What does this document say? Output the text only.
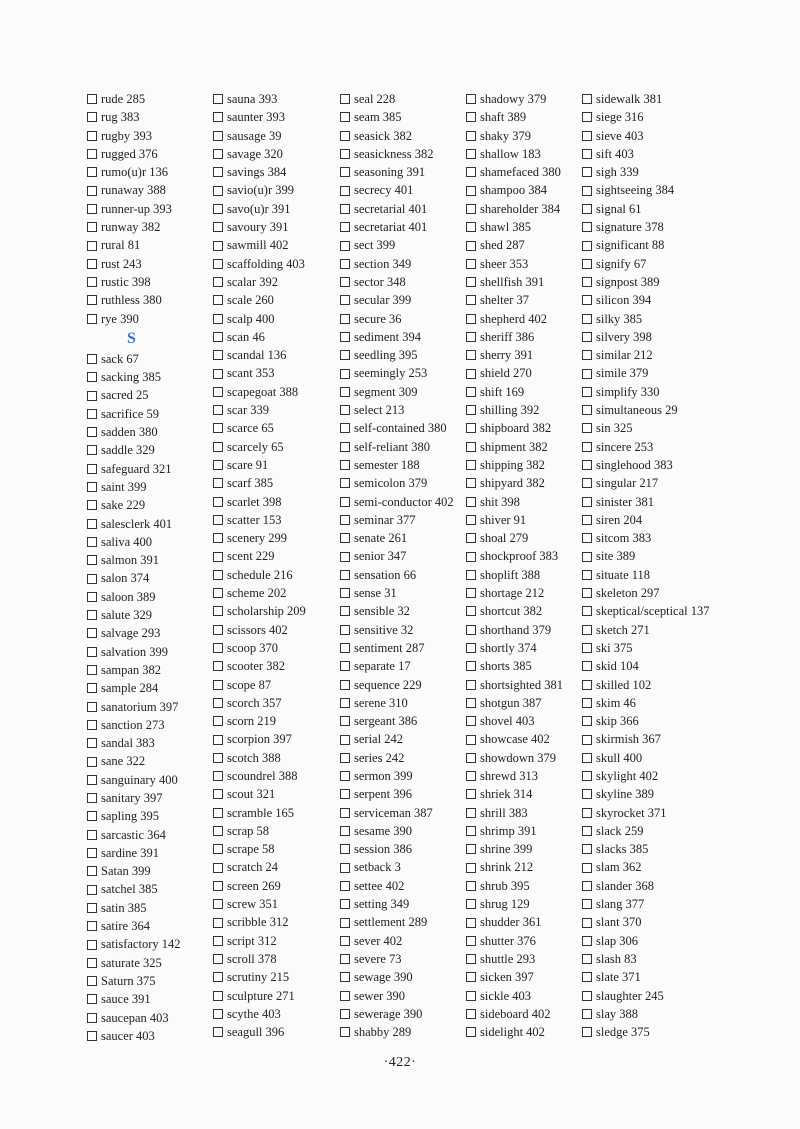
rude 285
rug 383
rugby 393
rugged 376
rumo(u)r 136
runaway 388
runner-up 393
runway 382
rural 81
rust 243
rustic 398
ruthless 380
rye 390
S
sack 67
sacking 385
sacred 25
sacrifice 59
sadden 380
saddle 329
safeguard 321
saint 399
sake 229
salesclerk 401
saliva 400
salmon 391
salon 374
saloon 389
salute 329
salvage 293
salvation 399
sampan 382
sample 284
sanatorium 397
sanction 273
sandal 383
sane 322
sanguinary 400
sanitary 397
sapling 395
sarcastic 364
sardine 391
Satan 399
satchel 385
satin 385
satire 364
satisfactory 142
saturate 325
Saturn 375
sauce 391
saucepan 403
saucer 403
sauna 393
saunter 393
sausage 39
savage 320
savings 384
savio(u)r 399
savo(u)r 391
savoury 391
sawmill 402
scaffolding 403
scalar 392
scale 260
scalp 400
scan 46
scandal 136
scant 353
scapegoat 388
scar 339
scarce 65
scarcely 65
scare 91
scarf 385
scarlet 398
scatter 153
scenery 299
scent 229
schedule 216
scheme 202
scholarship 209
scissors 402
scoop 370
scooter 382
scope 87
scorch 357
scorn 219
scorpion 397
scotch 388
scoundrel 388
scout 321
scramble 165
scrap 58
scrape 58
scratch 24
screen 269
screw 351
scribble 312
script 312
scroll 378
scrutiny 215
sculpture 271
scythe 403
seagull 396
seal 228
seam 385
seasick 382
seasickness 382
seasoning 391
secrecy 401
secretarial 401
secretariat 401
sect 399
section 349
sector 348
secular 399
secure 36
sediment 394
seedling 395
seemingly 253
segment 309
select 213
self-contained 380
self-reliant 380
semester 188
semicolon 379
semi-conductor 402
seminar 377
senate 261
senior 347
sensation 66
sense 31
sensible 32
sensitive 32
sentiment 287
separate 17
sequence 229
serene 310
sergeant 386
serial 242
series 242
sermon 399
serpent 396
serviceman 387
sesame 390
session 386
setback 3
settee 402
setting 349
settlement 289
sever 402
severe 73
sewage 390
sewer 390
sewerage 390
shabby 289
shadowy 379
shaft 389
shaky 379
shallow 183
shamefaced 380
shampoo 384
shareholder 384
shawl 385
shed 287
sheer 353
shellfish 391
shelter 37
shepherd 402
sheriff 386
sherry 391
shield 270
shift 169
shilling 392
shipboard 382
shipment 382
shipping 382
shipyard 382
shit 398
shiver 91
shoal 279
shockproof 383
shoplift 388
shortage 212
shortcut 382
shorthand 379
shortly 374
shorts 385
shortsighted 381
shotgun 387
shovel 403
showcase 402
showdown 379
shrewd 313
shriek 314
shrill 383
shrimp 391
shrine 399
shrink 212
shrub 395
shrug 129
shudder 361
shutter 376
shuttle 293
sicken 397
sickle 403
sideboard 402
sidelight 402
sidewalk 381
siege 316
sieve 403
sift 403
sigh 339
sightseeing 384
signal 61
signature 378
significant 88
signify 67
signpost 389
silicon 394
silky 385
silvery 398
similar 212
simile 379
simplify 330
simultaneous 29
sin 325
sincere 253
singlehood 383
singular 217
sinister 381
siren 204
sitcom 383
site 389
situate 118
skeleton 297
skeptical/sceptical 137
sketch 271
ski 375
skid 104
skilled 102
skim 46
skip 366
skirmish 367
skull 400
skylight 402
skyline 389
skyrocket 371
slack 259
slacks 385
slam 362
slander 368
slang 377
slant 370
slap 306
slash 83
slate 371
slaughter 245
slay 388
sledge 375
·422·
